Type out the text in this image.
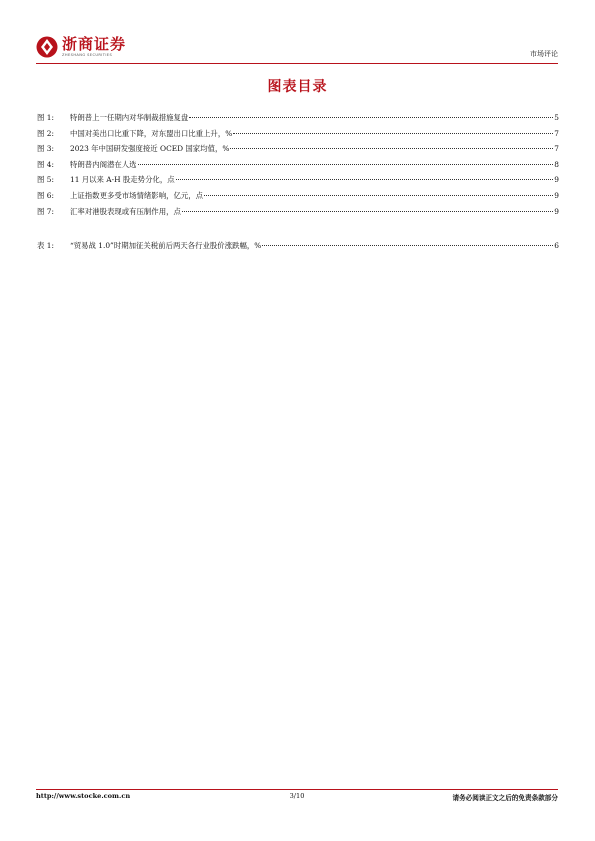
浙商证券
ZHESHANG SECURITIES	市场评论
图表目录
图 1:	特朗普上一任期内对华制裁措施复盘	5
图 2:	中国对美出口比重下降，对东盟出口比重上升，%	7
图 3:	2023 年中国研发强度接近 OCED 国家均值，%	7
图 4:	特朗普内阁潜在人选	8
图 5:	11 月以来 A-H 股走势分化，点	9
图 6:	上证指数更多受市场情绪影响，亿元，点	9
图 7:	汇率对港股表现或有压制作用，点	9
表 1:	“贸易战 1.0”时期加征关税前后两天各行业股价涨跌幅，%	6
http://www.stocke.com.cn	3/10	请务必阅读正文之后的免责条款部分
